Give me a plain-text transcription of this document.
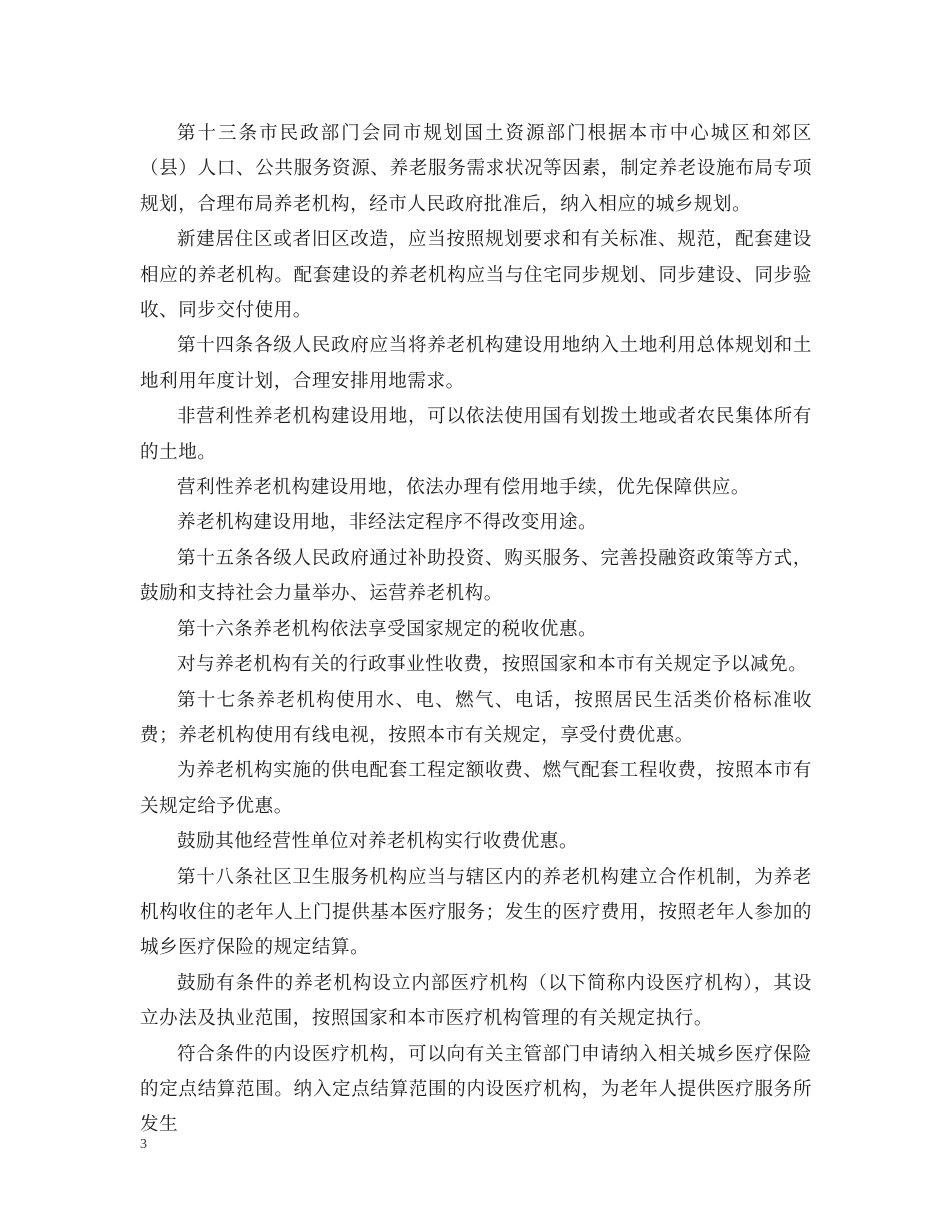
第十三条市民政部门会同市规划国土资源部门根据本市中心城区和郊区（县）人口、公共服务资源、养老服务需求状况等因素，制定养老设施布局专项规划，合理布局养老机构，经市人民政府批准后，纳入相应的城乡规划。

新建居住区或者旧区改造，应当按照规划要求和有关标准、规范，配套建设相应的养老机构。配套建设的养老机构应当与住宅同步规划、同步建设、同步验收、同步交付使用。

第十四条各级人民政府应当将养老机构建设用地纳入土地利用总体规划和土地利用年度计划，合理安排用地需求。

非营利性养老机构建设用地，可以依法使用国有划拨土地或者农民集体所有的土地。

营利性养老机构建设用地，依法办理有偿用地手续，优先保障供应。

养老机构建设用地，非经法定程序不得改变用途。

第十五条各级人民政府通过补助投资、购买服务、完善投融资政策等方式，鼓励和支持社会力量举办、运营养老机构。

第十六条养老机构依法享受国家规定的税收优惠。

对与养老机构有关的行政事业性收费，按照国家和本市有关规定予以减免。

第十七条养老机构使用水、电、燃气、电话，按照居民生活类价格标准收费；养老机构使用有线电视，按照本市有关规定，享受付费优惠。

为养老机构实施的供电配套工程定额收费、燃气配套工程收费，按照本市有关规定给予优惠。

鼓励其他经营性单位对养老机构实行收费优惠。

第十八条社区卫生服务机构应当与辖区内的养老机构建立合作机制，为养老机构收住的老年人上门提供基本医疗服务；发生的医疗费用，按照老年人参加的城乡医疗保险的规定结算。

鼓励有条件的养老机构设立内部医疗机构（以下简称内设医疗机构），其设立办法及执业范围，按照国家和本市医疗机构管理的有关规定执行。

符合条件的内设医疗机构，可以向有关主管部门申请纳入相关城乡医疗保险的定点结算范围。纳入定点结算范围的内设医疗机构，为老年人提供医疗服务所发生

3
